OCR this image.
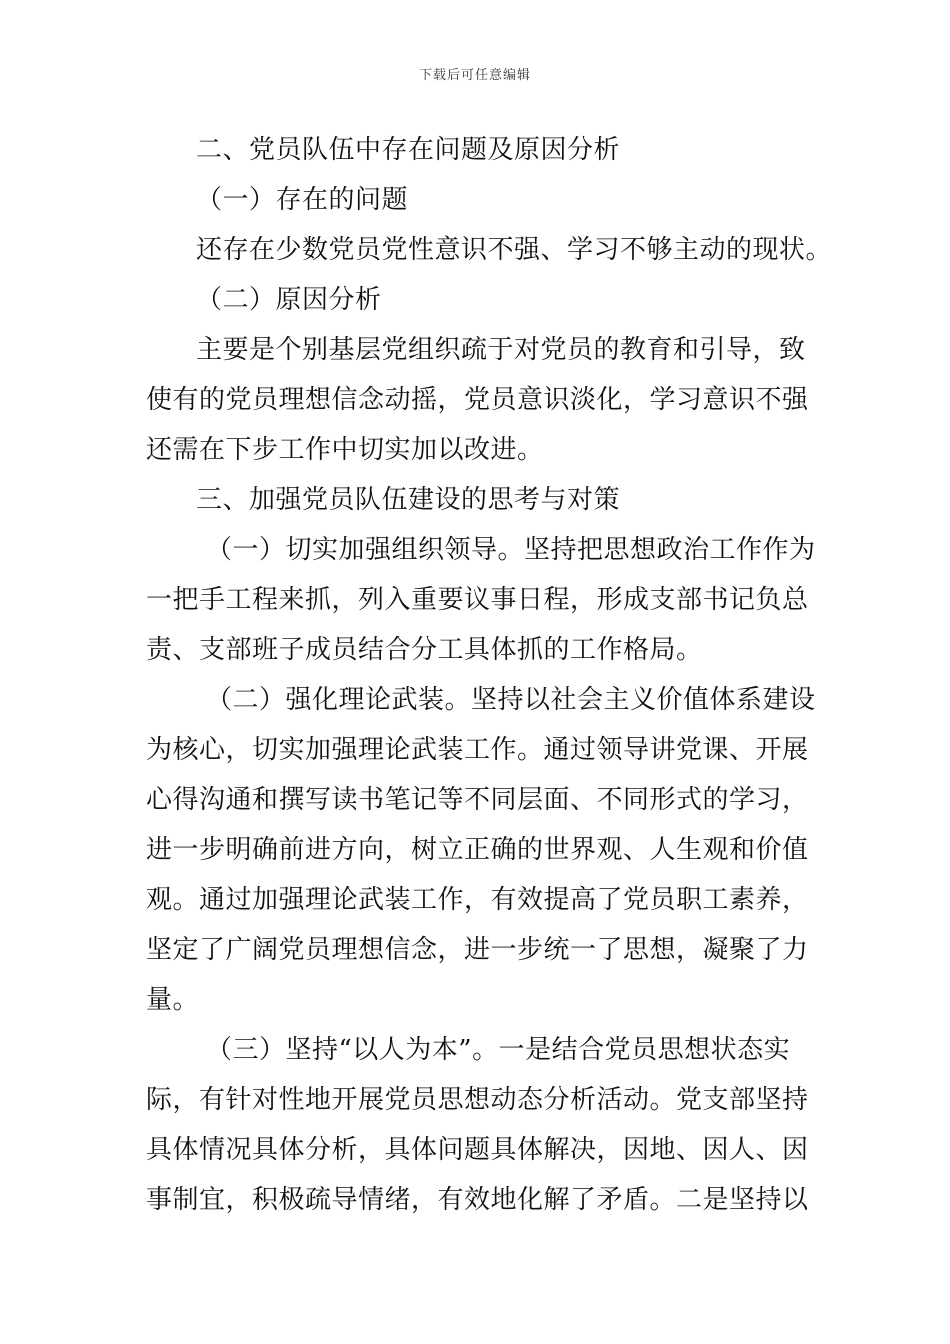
下载后可任意编辑
二、党员队伍中存在问题及原因分析
（一）存在的问题
还存在少数党员党性意识不强、学习不够主动的现状。
（二）原因分析
主要是个别基层党组织疏于对党员的教育和引导，致
使有的党员理想信念动摇，党员意识淡化，学习意识不强
还需在下步工作中切实加以改进。
三、加强党员队伍建设的思考与对策
（一）切实加强组织领导。坚持把思想政治工作作为
一把手工程来抓，列入重要议事日程，形成支部书记负总
责、支部班子成员结合分工具体抓的工作格局。
（二）强化理论武装。坚持以社会主义价值体系建设
为核心，切实加强理论武装工作。通过领导讲党课、开展
心得沟通和撰写读书笔记等不同层面、不同形式的学习，
进一步明确前进方向，树立正确的世界观、人生观和价值
观。通过加强理论武装工作，有效提高了党员职工素养，
坚定了广阔党员理想信念，进一步统一了思想，凝聚了力
量。
（三）坚持“以人为本”。一是结合党员思想状态实
际，有针对性地开展党员思想动态分析活动。党支部坚持
具体情况具体分析，具体问题具体解决，因地、因人、因
事制宜，积极疏导情绪，有效地化解了矛盾。二是坚持以
